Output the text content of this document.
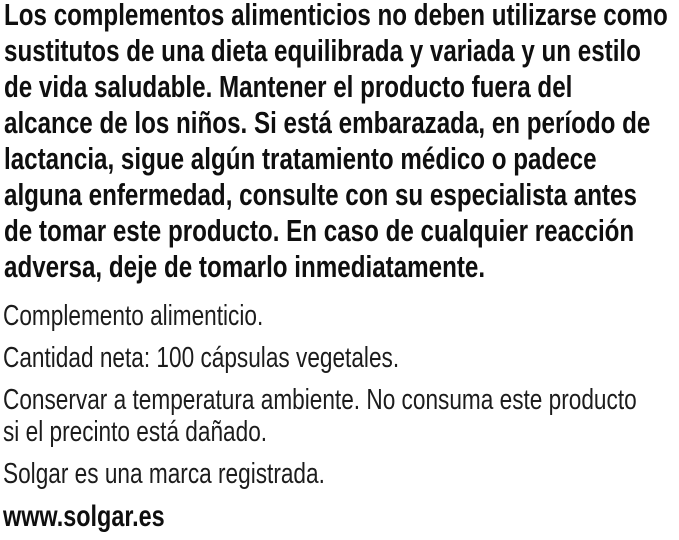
Los complementos alimenticios no deben utilizarse como
sustitutos de una dieta equilibrada y variada y un estilo
de vida saludable. Mantener el producto fuera del
alcance de los niños. Si está embarazada, en período de
lactancia, sigue algún tratamiento médico o padece
alguna enfermedad, consulte con su especialista antes
de tomar este producto. En caso de cualquier reacción
adversa, deje de tomarlo inmediatamente.

Complemento alimenticio.

Cantidad neta: 100 cápsulas vegetales.

Conservar a temperatura ambiente. No consuma este producto
si el precinto está dañado.

Solgar es una marca registrada.

www.solgar.es
